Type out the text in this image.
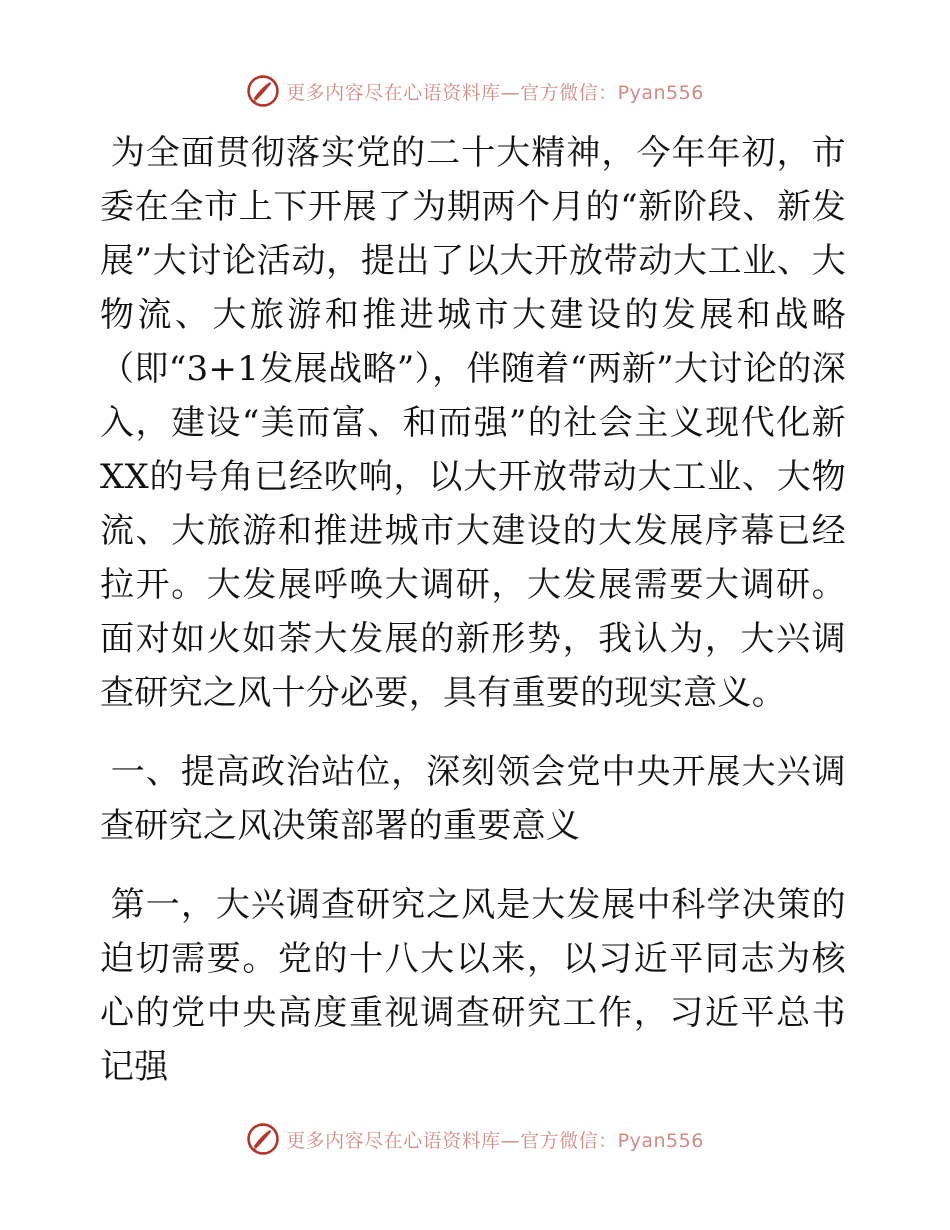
更多内容尽在心语资料库—官方微信：Pyan556

为全面贯彻落实党的二十大精神，今年年初，市委在全市上下开展了为期两个月的“新阶段、新发展”大讨论活动，提出了以大开放带动大工业、大物流、大旅游和推进城市大建设的发展和战略（即“3+1发展战略”），伴随着“两新”大讨论的深入，建设“美而富、和而强”的社会主义现代化新XX的号角已经吹响，以大开放带动大工业、大物流、大旅游和推进城市大建设的大发展序幕已经拉开。大发展呼唤大调研，大发展需要大调研。面对如火如荼大发展的新形势，我认为，大兴调查研究之风十分必要，具有重要的现实意义。

一、提高政治站位，深刻领会党中央开展大兴调查研究之风决策部署的重要意义

第一，大兴调查研究之风是大发展中科学决策的迫切需要。党的十八大以来，以习近平同志为核心的党中央高度重视调查研究工作，习近平总书记强

更多内容尽在心语资料库—官方微信：Pyan556
